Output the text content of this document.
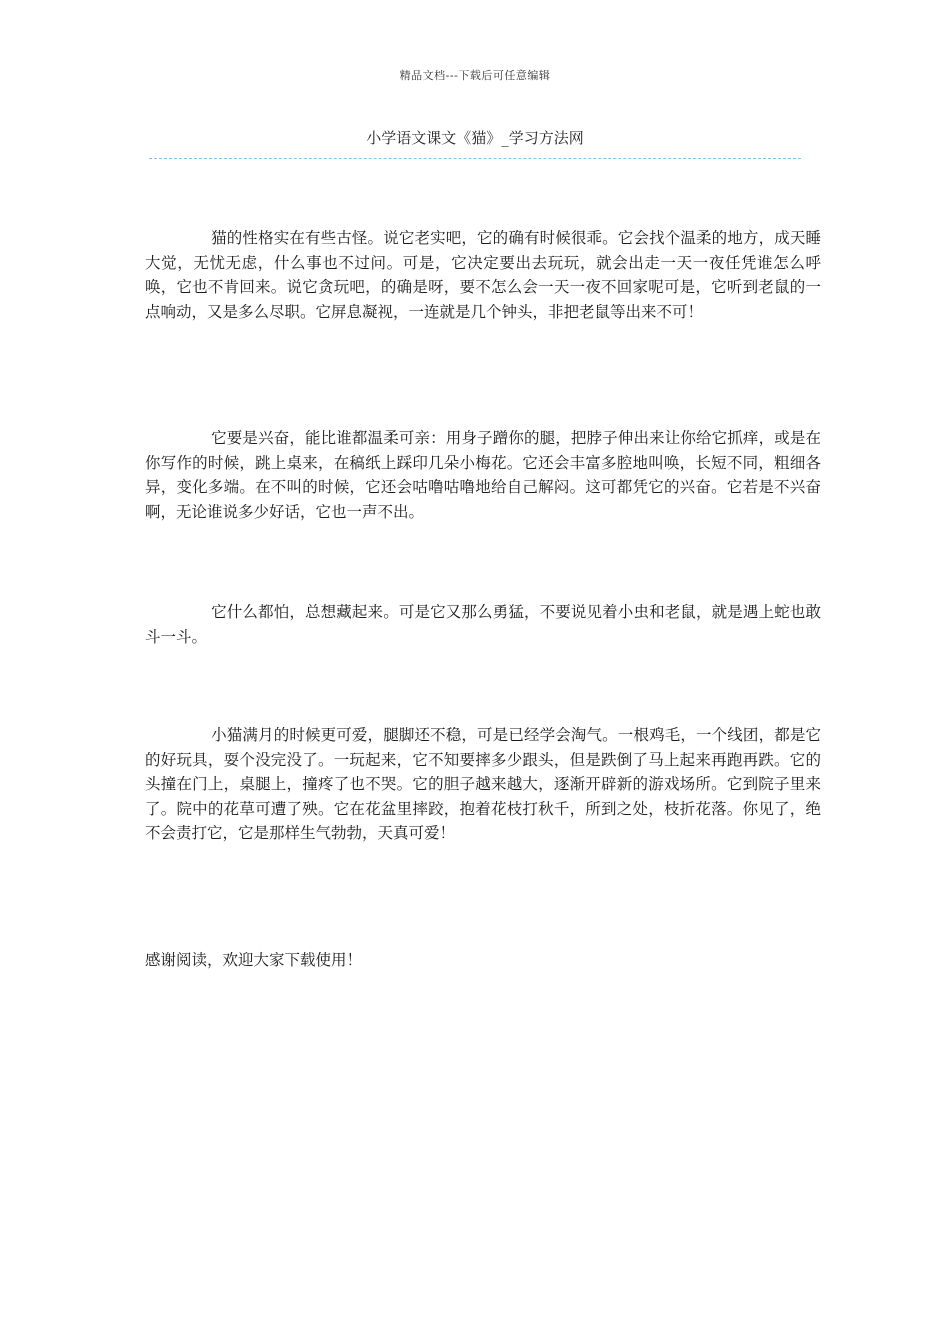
精品文档---下载后可任意编辑
小学语文课文《猫》_学习方法网

猫的性格实在有些古怪。说它老实吧，它的确有时候很乖。它会找个温柔的地方，成天睡大觉，无忧无虑，什么事也不过问。可是，它决定要出去玩玩，就会出走一天一夜任凭谁怎么呼唤，它也不肯回来。说它贪玩吧，的确是呀，要不怎么会一天一夜不回家呢可是，它听到老鼠的一点响动，又是多么尽职。它屏息凝视，一连就是几个钟头，非把老鼠等出来不可！

它要是兴奋，能比谁都温柔可亲：用身子蹭你的腿，把脖子伸出来让你给它抓痒，或是在你写作的时候，跳上桌来，在稿纸上踩印几朵小梅花。它还会丰富多腔地叫唤，长短不同，粗细各异，变化多端。在不叫的时候，它还会咕噜咕噜地给自己解闷。这可都凭它的兴奋。它若是不兴奋啊，无论谁说多少好话，它也一声不出。

它什么都怕，总想藏起来。可是它又那么勇猛，不要说见着小虫和老鼠，就是遇上蛇也敢斗一斗。

小猫满月的时候更可爱，腿脚还不稳，可是已经学会淘气。一根鸡毛，一个线团，都是它的好玩具，耍个没完没了。一玩起来，它不知要摔多少跟头，但是跌倒了马上起来再跑再跌。它的头撞在门上，桌腿上，撞疼了也不哭。它的胆子越来越大，逐渐开辟新的游戏场所。它到院子里来了。院中的花草可遭了殃。它在花盆里摔跤，抱着花枝打秋千，所到之处，枝折花落。你见了，绝不会责打它，它是那样生气勃勃，天真可爱！

感谢阅读，欢迎大家下载使用！
